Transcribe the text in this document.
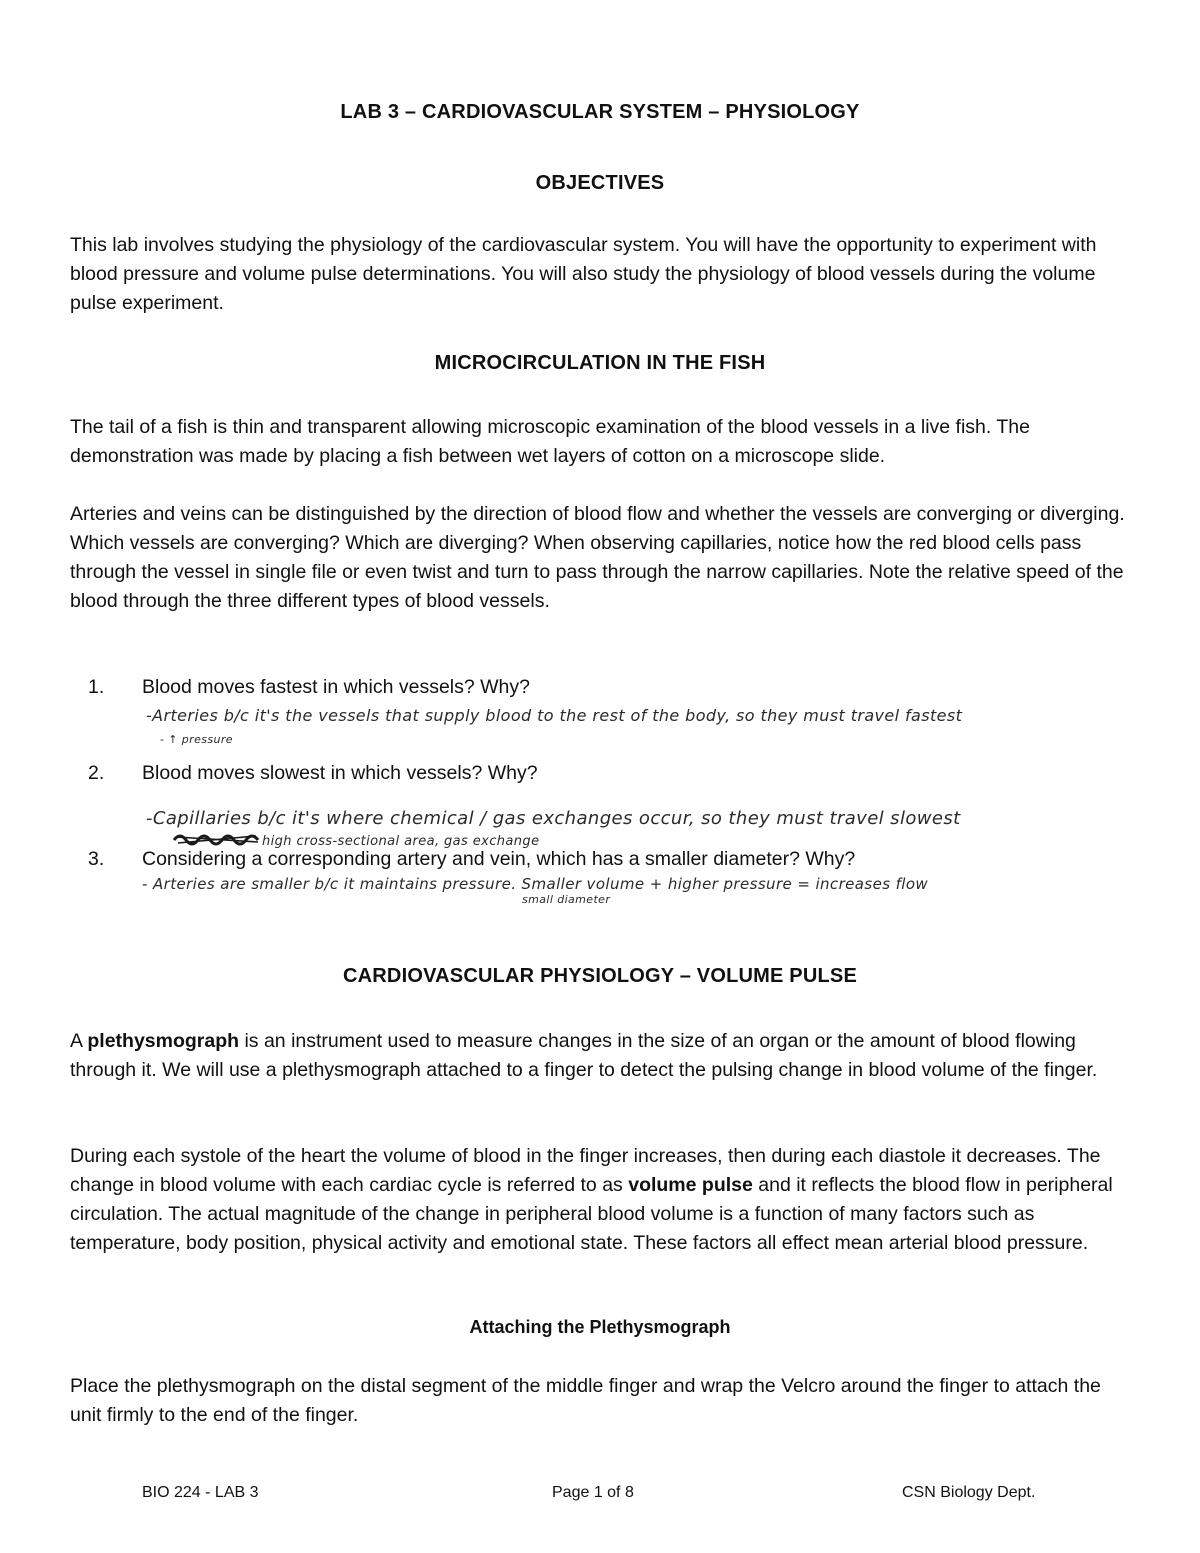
LAB 3 – CARDIOVASCULAR SYSTEM – PHYSIOLOGY
OBJECTIVES

This lab involves studying the physiology of the cardiovascular system. You will have the opportunity to experiment with blood pressure and volume pulse determinations. You will also study the physiology of blood vessels during the volume pulse experiment.

MICROCIRCULATION IN THE FISH

The tail of a fish is thin and transparent allowing microscopic examination of the blood vessels in a live fish. The demonstration was made by placing a fish between wet layers of cotton on a microscope slide.

Arteries and veins can be distinguished by the direction of blood flow and whether the vessels are converging or diverging. Which vessels are converging? Which are diverging? When observing capillaries, notice how the red blood cells pass through the vessel in single file or even twist and turn to pass through the narrow capillaries. Note the relative speed of the blood through the three different types of blood vessels.

1. Blood moves fastest in which vessels? Why?
-Arteries b/c it's the vessels that supply blood to the rest of the body, so they must travel fastest
- ↑ pressure
2. Blood moves slowest in which vessels? Why?
-Capillaries b/c it's where chemical / gas exchanges occur, so they must travel slowest
high cross-sectional area, gas exchange
3. Considering a corresponding artery and vein, which has a smaller diameter? Why?
- Arteries are smaller b/c it maintains pressure. Smaller volume + higher pressure = increases flow
small diameter
CARDIOVASCULAR PHYSIOLOGY – VOLUME PULSE

A plethysmograph is an instrument used to measure changes in the size of an organ or the amount of blood flowing through it. We will use a plethysmograph attached to a finger to detect the pulsing change in blood volume of the finger.

During each systole of the heart the volume of blood in the finger increases, then during each diastole it decreases. The change in blood volume with each cardiac cycle is referred to as volume pulse and it reflects the blood flow in peripheral circulation. The actual magnitude of the change in peripheral blood volume is a function of many factors such as temperature, body position, physical activity and emotional state. These factors all effect mean arterial blood pressure.

Attaching the Plethysmograph

Place the plethysmograph on the distal segment of the middle finger and wrap the Velcro around the finger to attach the unit firmly to the end of the finger.

BIO 224 - LAB 3	Page 1 of 8	CSN Biology Dept.
